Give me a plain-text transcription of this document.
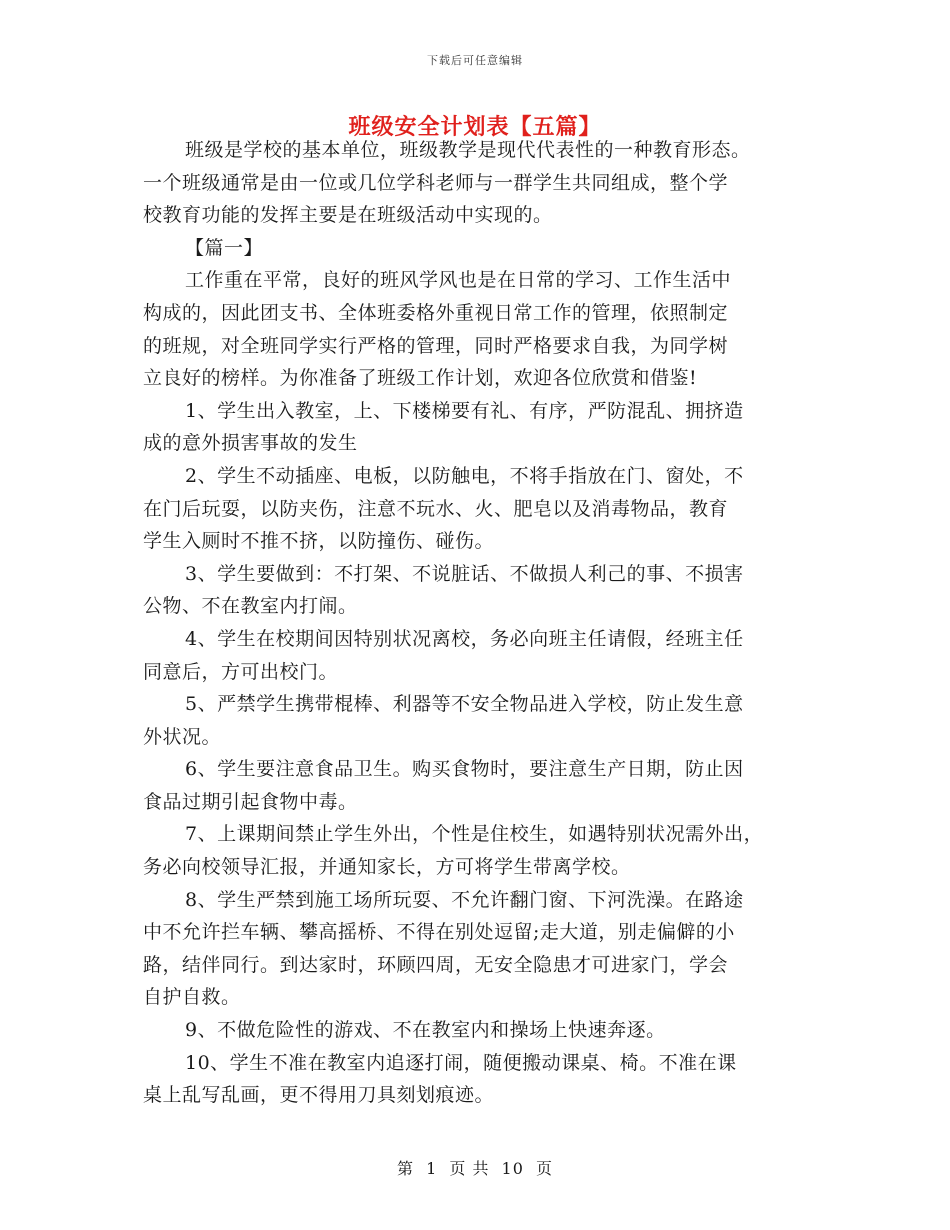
下载后可任意编辑
班级安全计划表【五篇】
班级是学校的基本单位，班级教学是现代代表性的一种教育形态。
一个班级通常是由一位或几位学科老师与一群学生共同组成，整个学
校教育功能的发挥主要是在班级活动中实现的。
【篇一】
工作重在平常，良好的班风学风也是在日常的学习、工作生活中
构成的，因此团支书、全体班委格外重视日常工作的管理，依照制定
的班规，对全班同学实行严格的管理，同时严格要求自我，为同学树
立良好的榜样。为你准备了班级工作计划，欢迎各位欣赏和借鉴!
1、学生出入教室，上、下楼梯要有礼、有序，严防混乱、拥挤造
成的意外损害事故的发生
2、学生不动插座、电板，以防触电，不将手指放在门、窗处，不
在门后玩耍，以防夹伤，注意不玩水、火、肥皂以及消毒物品，教育
学生入厕时不推不挤，以防撞伤、碰伤。
3、学生要做到：不打架、不说脏话、不做损人利己的事、不损害
公物、不在教室内打闹。
4、学生在校期间因特别状况离校，务必向班主任请假，经班主任
同意后，方可出校门。
5、严禁学生携带棍棒、利器等不安全物品进入学校，防止发生意
外状况。
6、学生要注意食品卫生。购买食物时，要注意生产日期，防止因
食品过期引起食物中毒。
7、上课期间禁止学生外出，个性是住校生，如遇特别状况需外出，
务必向校领导汇报，并通知家长，方可将学生带离学校。
8、学生严禁到施工场所玩耍、不允许翻门窗、下河洗澡。在路途
中不允许拦车辆、攀高摇桥、不得在别处逗留;走大道，别走偏僻的小
路，结伴同行。到达家时，环顾四周，无安全隐患才可进家门，学会
自护自救。
9、不做危险性的游戏、不在教室内和操场上快速奔逐。
10、学生不准在教室内追逐打闹，随便搬动课桌、椅。不准在课
桌上乱写乱画，更不得用刀具刻划痕迹。
第 1 页 共 10 页
